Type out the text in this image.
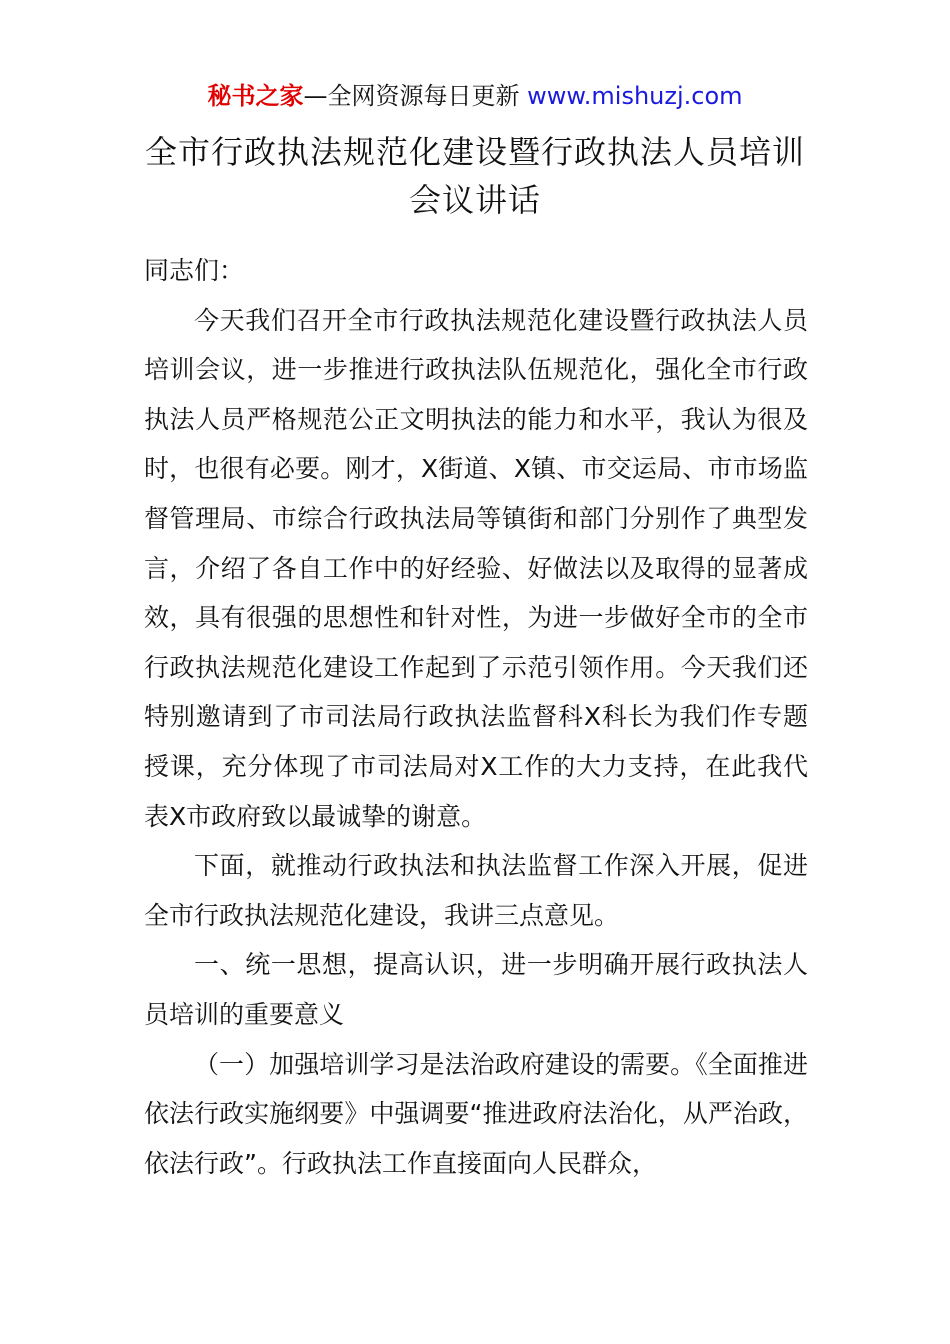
秘书之家—全网资源每日更新 www.mishuzj.com
全市行政执法规范化建设暨行政执法人员培训
会议讲话

同志们：

今天我们召开全市行政执法规范化建设暨行政执法人员培训会议，进一步推进行政执法队伍规范化，强化全市行政执法人员严格规范公正文明执法的能力和水平，我认为很及时，也很有必要。刚才，X街道、X镇、市交运局、市市场监督管理局、市综合行政执法局等镇街和部门分别作了典型发言，介绍了各自工作中的好经验、好做法以及取得的显著成效，具有很强的思想性和针对性，为进一步做好全市的全市行政执法规范化建设工作起到了示范引领作用。今天我们还特别邀请到了市司法局行政执法监督科X科长为我们作专题授课，充分体现了市司法局对X工作的大力支持，在此我代表X市政府致以最诚挚的谢意。

下面，就推动行政执法和执法监督工作深入开展，促进全市行政执法规范化建设，我讲三点意见。

一、统一思想，提高认识，进一步明确开展行政执法人员培训的重要意义

（一）加强培训学习是法治政府建设的需要。《全面推进依法行政实施纲要》中强调要“推进政府法治化，从严治政，依法行政”。行政执法工作直接面向人民群众，
